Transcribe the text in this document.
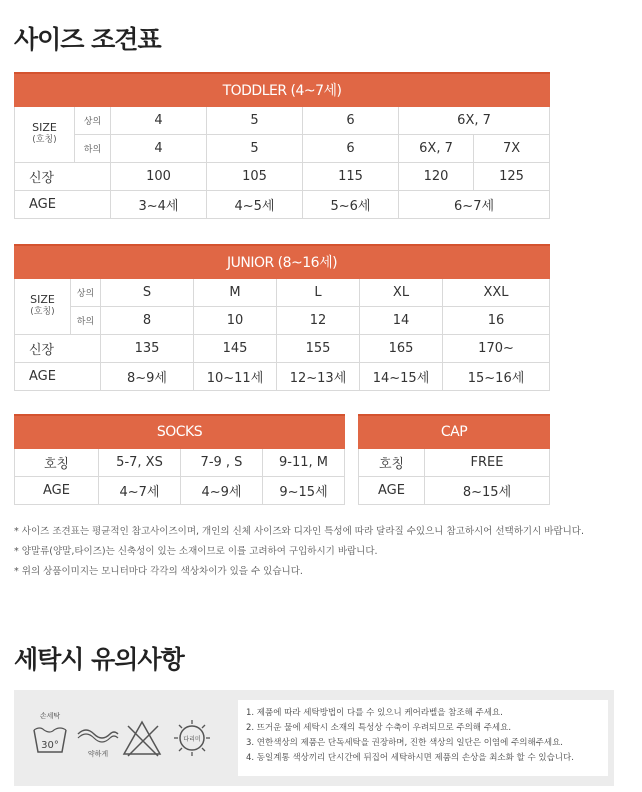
사이즈 조견표
TODDLER (4~7세)						
SIZE
(호칭)	상의	4	5	6	6X, 7	
	하의	4	5	6	6X, 7	7X
신장		100	105	115	120	125
AGE		3~4세	4~5세	5~6세	6~7세	
JUNIOR (8~16세)						
SIZE
(호칭)	상의	S	M	L	XL	XXL
	하의	8	10	12	14	16
신장		135	145	155	165	170~
AGE		8~9세	10~11세	12~13세	14~15세	15~16세
SOCKS			
호칭	5-7, XS	7-9 , S	9-11, M
AGE	4~7세	4~9세	9~15세
CAP	
호칭	FREE
AGE	8~15세

* 사이즈 조견표는 평균적인 참고사이즈이며, 개인의 신체 사이즈와 디자인 특성에 따라 달라질 수있으니 참고하시어 선택하기시 바랍니다.

* 양말류(양말,타이즈)는 신축성이 있는 소재이므로 이를 고려하여 구입하시기 바랍니다.

* 위의 상품이미지는 모니터마다 각각의 색상차이가 있을 수 있습니다.

세탁시 유의사항
손세탁
30°
약하게
다리미
1. 제품에 따라 세탁방법이 다를 수 있으니 케어라벨을 참조해 주세요.
2. 뜨거운 물에 세탁시 소재의 특성상 수축이 우려되므로 주의해 주세요.
3. 연한색상의 제품은 단독세탁을 권장하며, 진한 색상의 일단은 이염에 주의해주세요.
4. 동일계통 색상끼리 단시간에 뒤집어 세탁하시면 제품의 손상을 최소화 할 수 있습니다.
